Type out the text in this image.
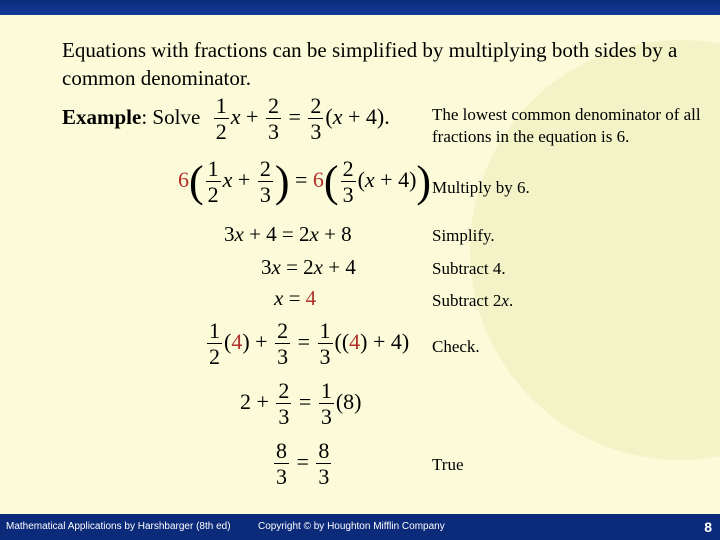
Equations with fractions can be simplified by multiplying both sides by a common denominator.
Example: Solve $\frac{1}{2}$ $x + \frac{2}{3} = \frac{2}{3} (x + 4)$. The lowest common denominator of all fractions in the equation is 6.
$6( \frac{1}{2}$ $x + \frac{2}{3}$ ) = $6( \frac{2}{3} (x + 4))$ Multiply by 6.
3x + 4 = 2x + 8	Simplify.
3x = 2x + 4	Subtract 4.
x = 4	Subtract 2x.
$\frac{1}{2} (4) + \frac{2}{3} = \frac{1}{3} ((4) + 4)$ Check.
$2 + \frac{2}{3} = \frac{1}{3} (8)$
$\frac{8}{3} = \frac{8}{3}$	True
Mathematical Applications by Harshbarger (8th ed)	Copyright © by Houghton Mifflin Company	8
